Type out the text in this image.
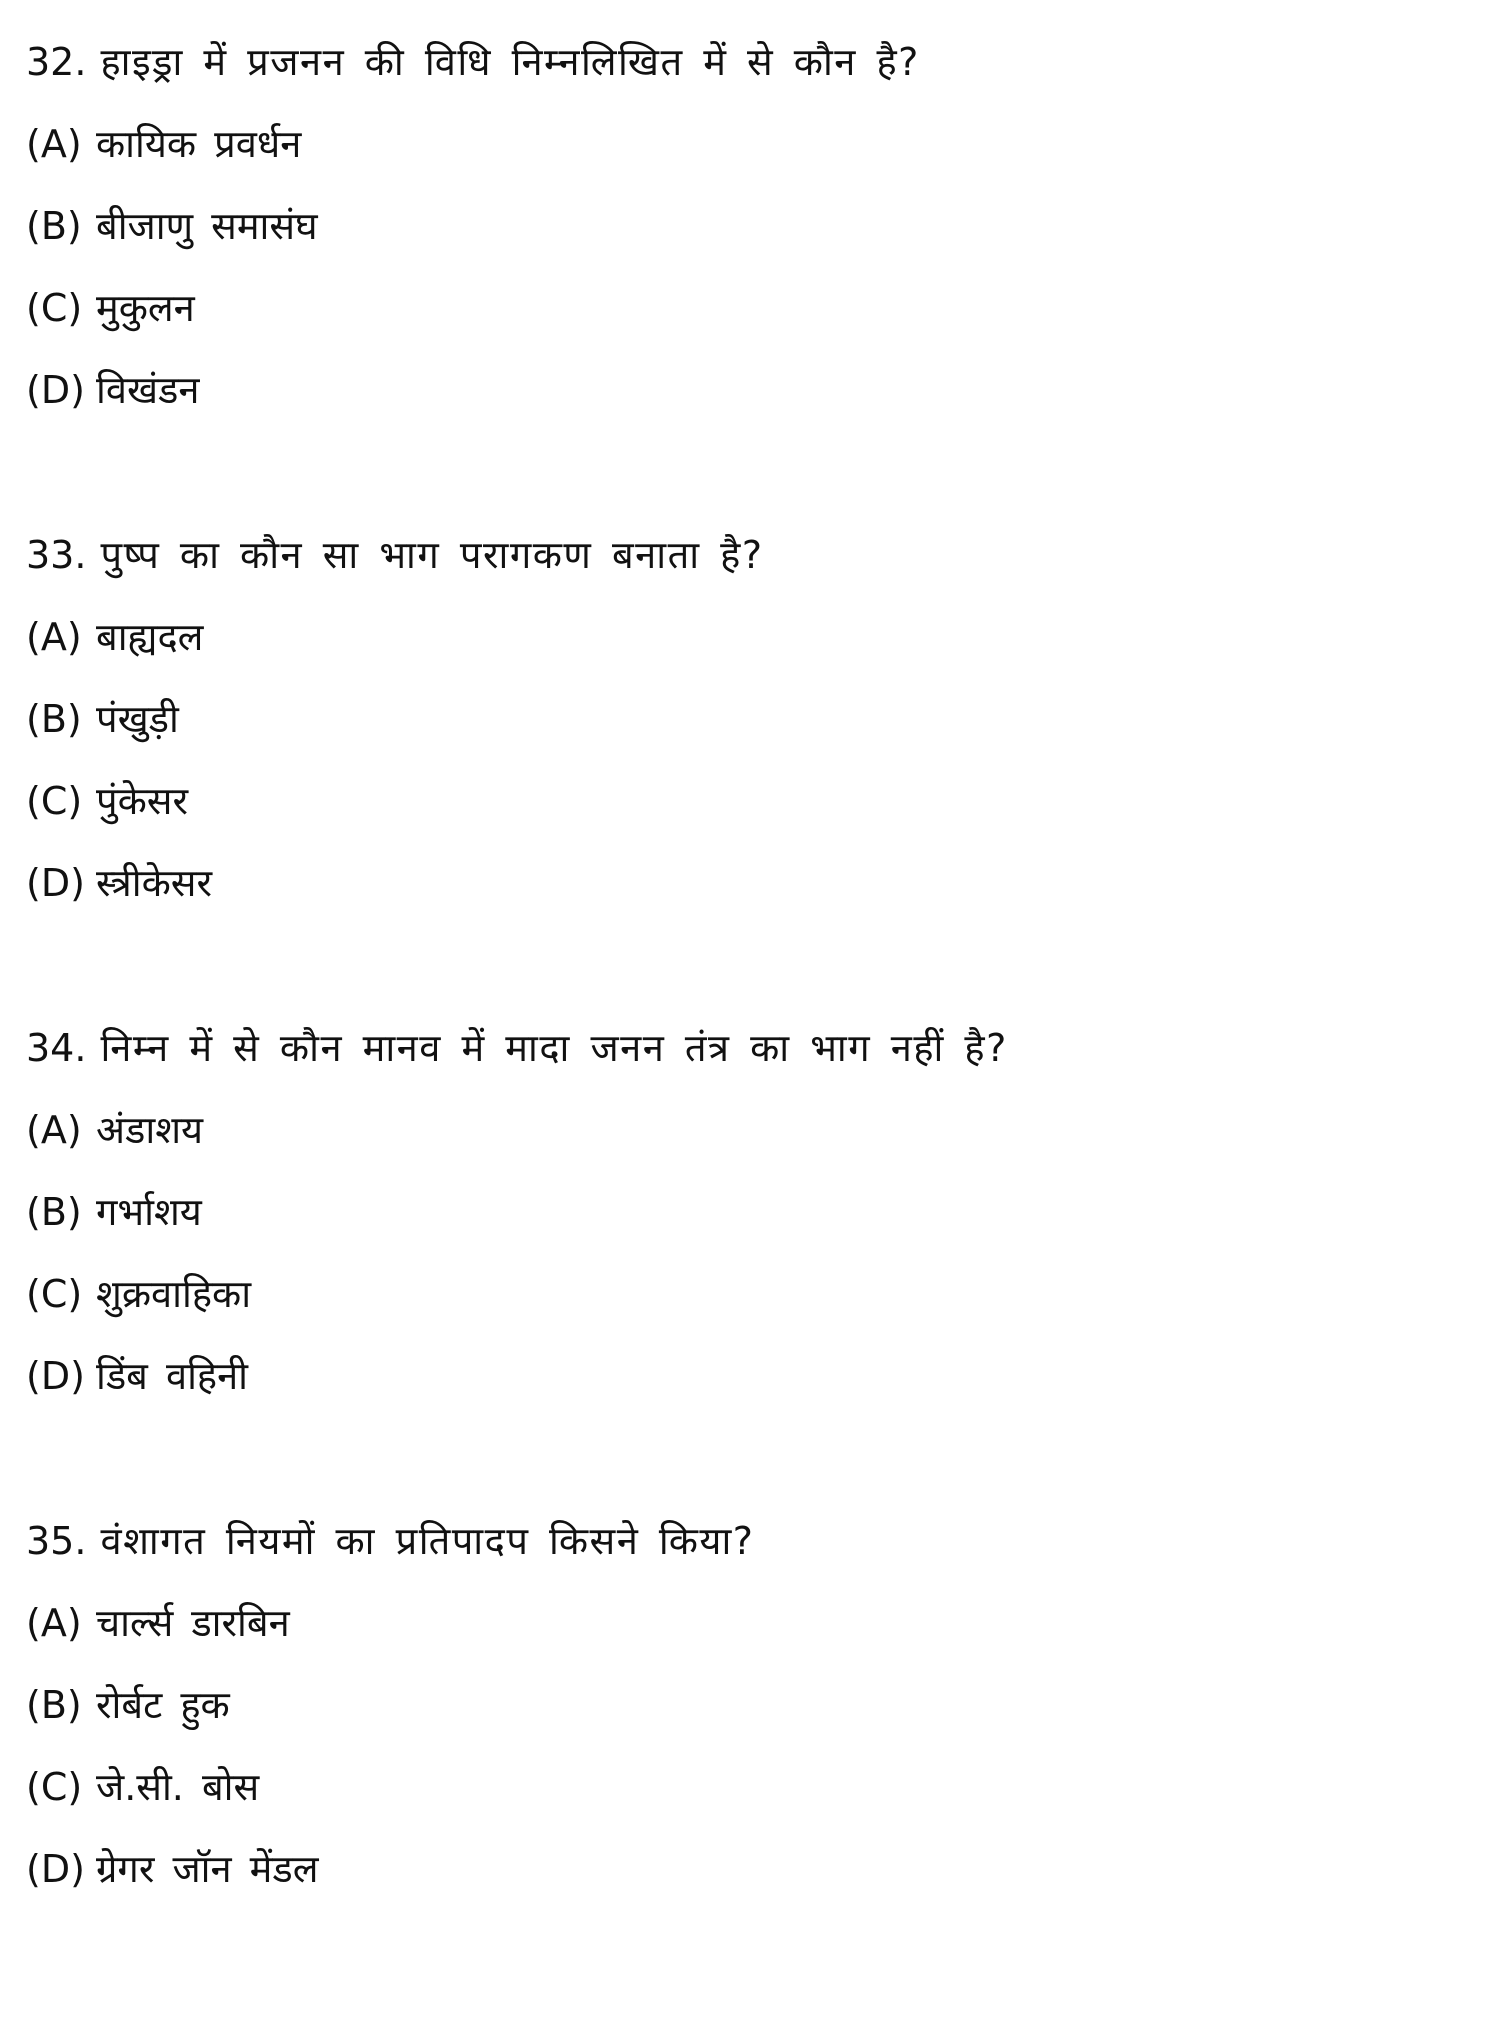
32. हाइड्रा में प्रजनन की विधि निम्नलिखित में से कौन है?
(A) कायिक प्रवर्धन
(B) बीजाणु समासंघ
(C) मुकुलन
(D) विखंडन
33. पुष्प का कौन सा भाग परागकण बनाता है?
(A) बाह्यदल
(B) पंखुड़ी
(C) पुंकेसर
(D) स्त्रीकेसर
34. निम्न में से कौन मानव में मादा जनन तंत्र का भाग नहीं है?
(A) अंडाशय
(B) गर्भाशय
(C) शुक्रवाहिका
(D) डिंब वहिनी
35. वंशागत नियमों का प्रतिपादप किसने किया?
(A) चार्ल्स डारबिन
(B) रोर्बट हुक
(C) जे.सी. बोस
(D) ग्रेगर जॉन मेंडल
